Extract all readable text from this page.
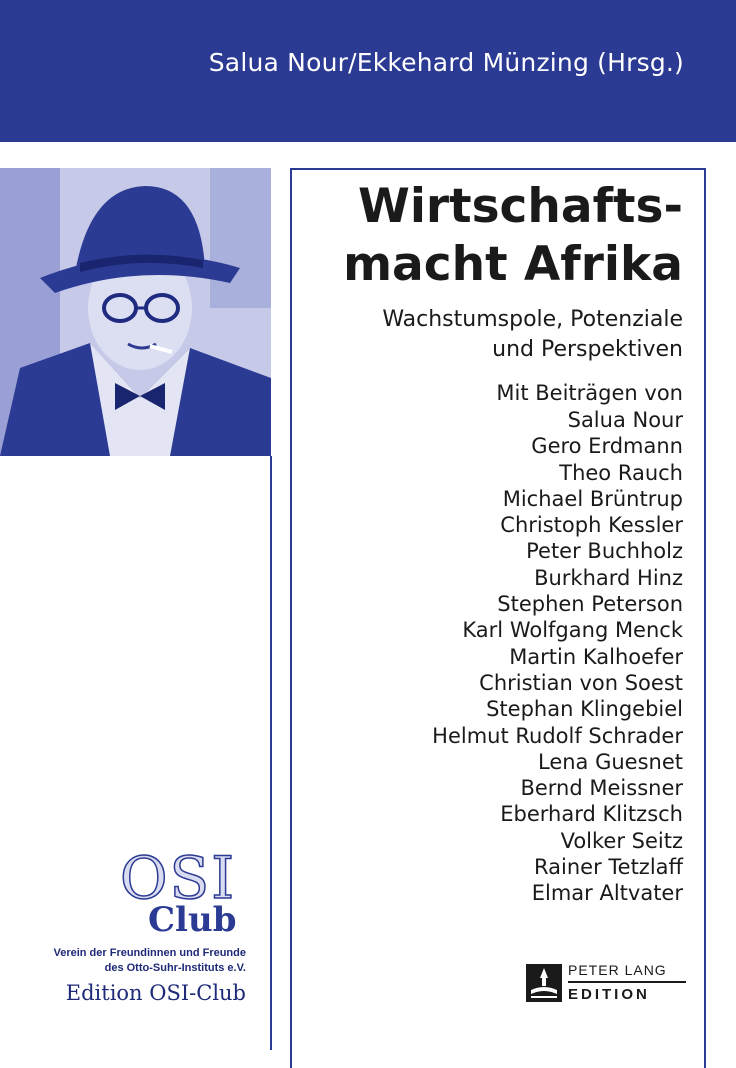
Salua Nour/Ekkehard Münzing (Hrsg.)
Wirtschafts-
macht Afrika
Wachstumspole, Potenziale
und Perspektiven
Mit Beiträgen von
Salua Nour
Gero Erdmann
Theo Rauch
Michael Brüntrup
Christoph Kessler
Peter Buchholz
Burkhard Hinz
Stephen Peterson
Karl Wolfgang Menck
Martin Kalhoefer
Christian von Soest
Stephan Klingebiel
Helmut Rudolf Schrader
Lena Guesnet
Bernd Meissner
Eberhard Klitzsch
Volker Seitz
Rainer Tetzlaff
Elmar Altvater
OSI
Club
Verein der Freundinnen und Freunde
des Otto-Suhr-Instituts e.V.
Edition OSI-Club
PETER LANG
EDITION
